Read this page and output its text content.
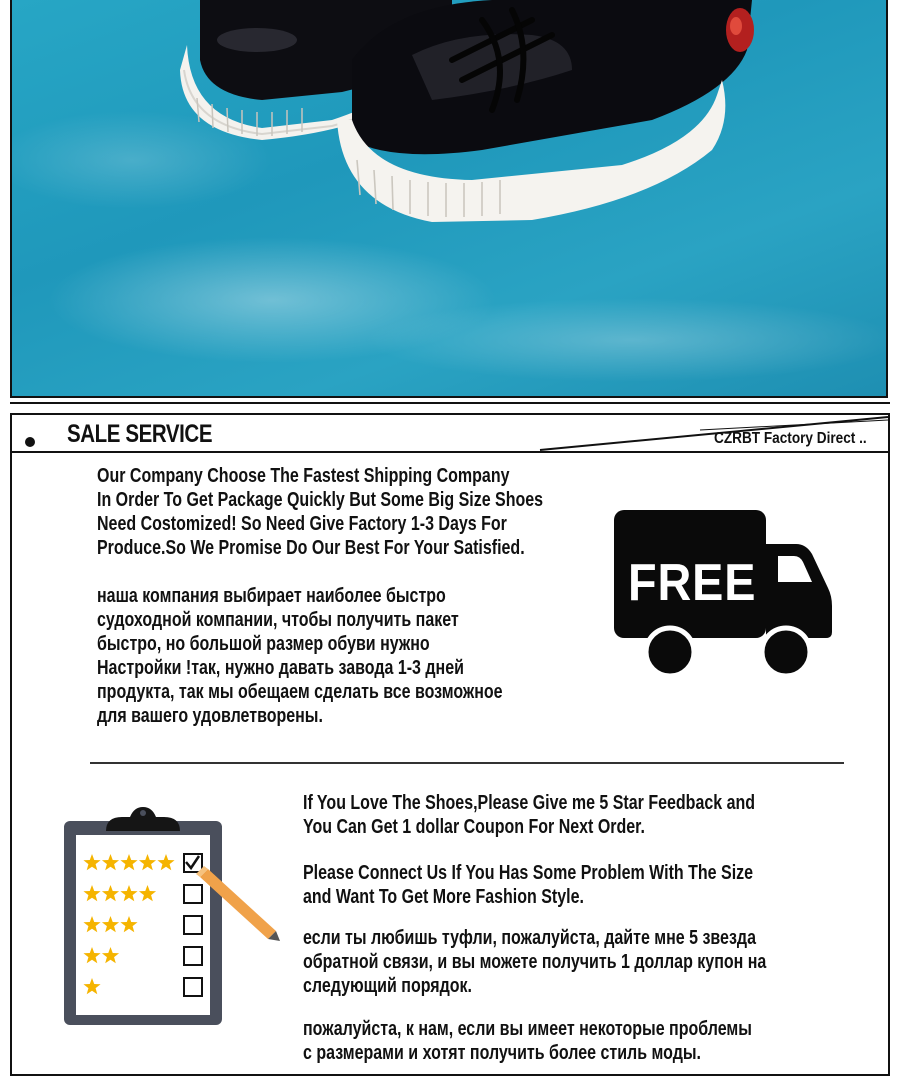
SALE SERVICE	CZRBT Factory Direct ..
Our Company Choose The Fastest Shipping Company
In Order To Get Package Quickly But Some Big Size Shoes
Need Costomized! So Need Give Factory 1-3 Days For
Produce.So We Promise Do Our Best For Your Satisfied.
наша компания выбирает наиболее быстро
судоходной компании, чтобы получить пакет
быстро, но большой размер обуви нужно
Настройки !так, нужно давать завода 1-3 дней
продукта, так мы обещаем сделать все возможное
для вашего удовлетворены.
FREE
If You Love The Shoes,Please Give me 5 Star Feedback and
You Can Get 1 dollar Coupon For Next Order.
Please Connect Us If You Has Some Problem With The Size
and Want To Get More Fashion Style.
если ты любишь туфли, пожалуйста, дайте мне 5 звезда
обратной связи, и вы можете получить 1 доллар купон на
следующий порядок.
пожалуйста, к нам, если вы имеет некоторые проблемы
с размерами и хотят получить более стиль моды.
